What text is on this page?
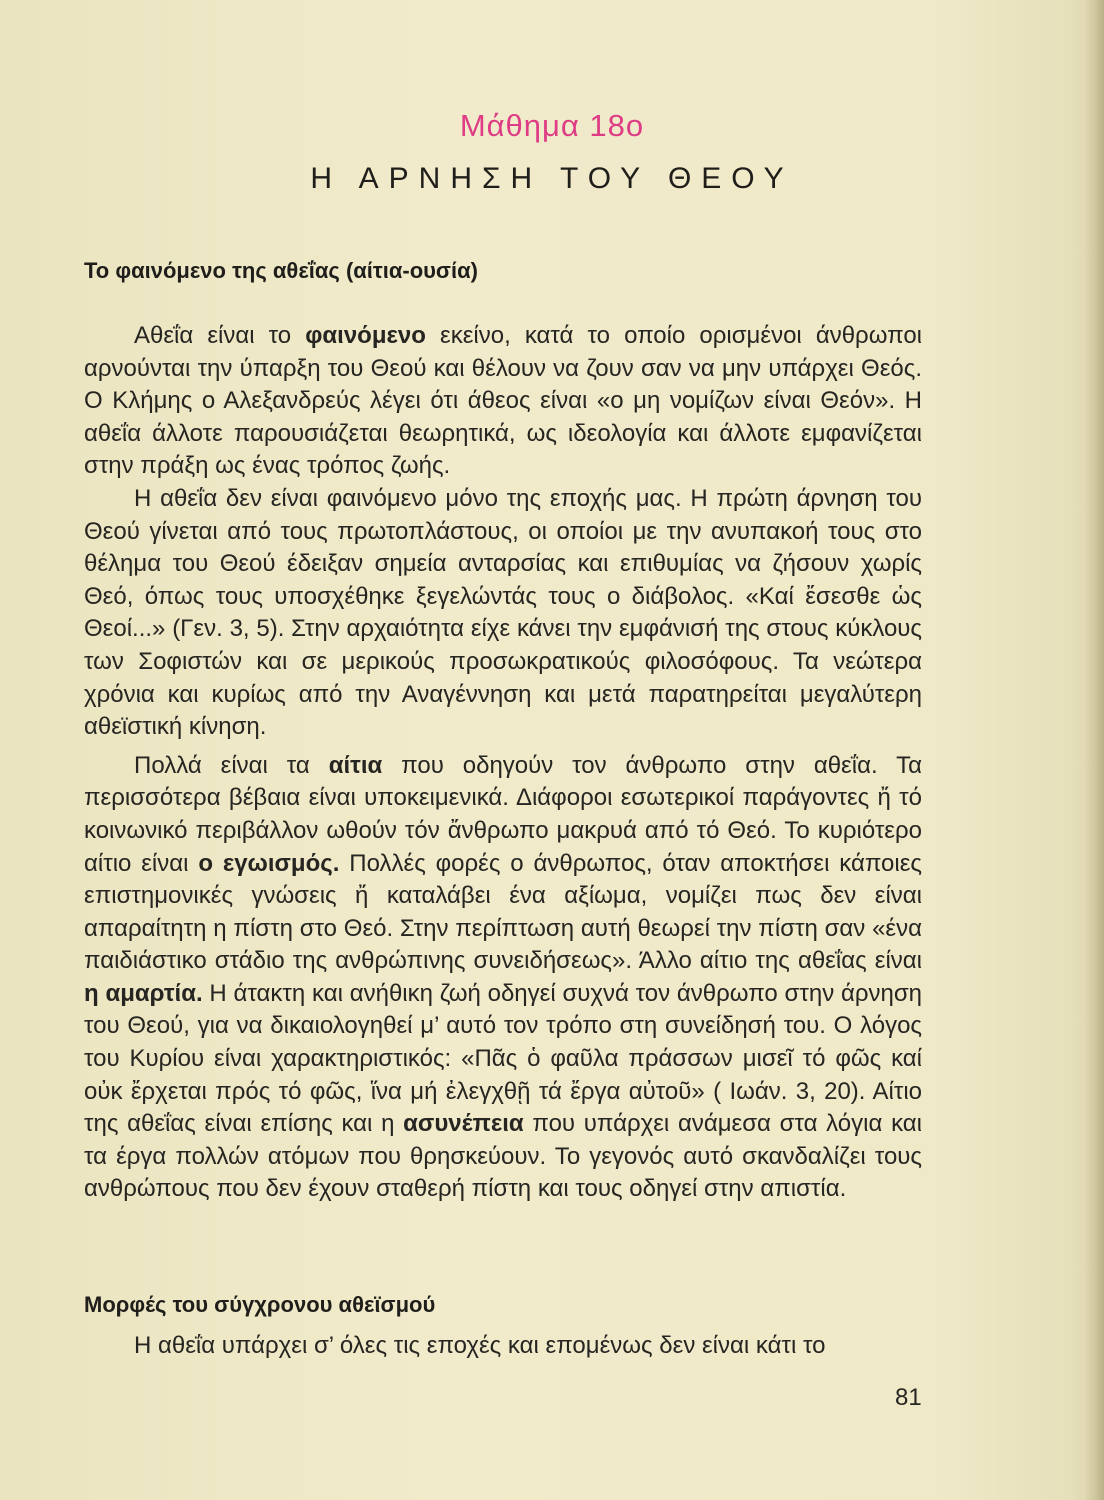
Μάθημα 18ο
Η ΑΡΝΗΣΗ ΤΟΥ ΘΕΟΥ
Το φαινόμενο της αθεΐας (αίτια-ουσία)

Αθεΐα είναι το φαινόμενο εκείνο, κατά το οποίο ορισμένοι άνθρωποι αρνούνται την ύπαρξη του Θεού και θέλουν να ζουν σαν να μην υπάρχει Θεός. Ο Κλήμης ο Αλεξανδρεύς λέγει ότι άθεος είναι «ο μη νομίζων είναι Θεόν». Η αθεΐα άλλοτε παρουσιάζεται θεωρητικά, ως ιδεολογία και άλλοτε εμφανίζεται στην πράξη ως ένας τρόπος ζωής.

Η αθεΐα δεν είναι φαινόμενο μόνο της εποχής μας. Η πρώτη άρνηση του Θεού γίνεται από τους πρωτοπλάστους, οι οποίοι με την ανυπακοή τους στο θέλημα του Θεού έδειξαν σημεία ανταρσίας και επιθυμίας να ζήσουν χωρίς Θεό, όπως τους υποσχέθηκε ξεγελώντάς τους ο διάβολος. «Καί ἔσεσθε ὡς Θεοί...» (Γεν. 3, 5). Στην αρχαιότητα είχε κάνει την εμφάνισή της στους κύκλους των Σοφιστών και σε μερικούς προσωκρατικούς φιλοσόφους. Τα νεώτερα χρόνια και κυρίως από την Αναγέννηση και μετά παρατηρείται μεγαλύτερη αθεϊστική κίνηση.

Πολλά είναι τα αίτια που οδηγούν τον άνθρωπο στην αθεΐα. Τα περισσότερα βέβαια είναι υποκειμενικά. Διάφοροι εσωτερικοί παράγοντες ἤ τό κοινωνικό περιβάλλον ωθούν τόν ἄνθρωπο μακρυά από τό Θεό. Το κυριότερο αίτιο είναι ο εγωισμός. Πολλές φορές ο άνθρωπος, όταν αποκτήσει κάποιες επιστημονικές γνώσεις ἤ καταλάβει ένα αξίωμα, νομίζει πως δεν είναι απαραίτητη η πίστη στο Θεό. Στην περίπτωση αυτή θεωρεί την πίστη σαν «ένα παιδιάστικο στάδιο της ανθρώπινης συνειδήσεως». Άλλο αίτιο της αθεΐας είναι η αμαρτία. Η άτακτη και ανήθικη ζωή οδηγεί συχνά τον άνθρωπο στην άρνηση του Θεού, για να δικαιολογηθεί μ’ αυτό τον τρόπο στη συνείδησή του. Ο λόγος του Κυρίου είναι χαρακτηριστικός: «Πᾶς ὁ φαῦλα πράσσων μισεῖ τό φῶς καί οὐκ ἔρχεται πρός τό φῶς, ἵνα μή ἐλεγχθῇ τά ἔργα αὐτοῦ» ( Ιωάν. 3, 20). Αίτιο της αθεΐας είναι επίσης και η ασυνέπεια που υπάρχει ανάμεσα στα λόγια και τα έργα πολλών ατόμων που θρησκεύουν. Το γεγονός αυτό σκανδαλίζει τους ανθρώπους που δεν έχουν σταθερή πίστη και τους οδηγεί στην απιστία.

Μορφές του σύγχρονου αθεϊσμού
Η αθεΐα υπάρχει σ’ όλες τις εποχές και επομένως δεν είναι κάτι το
81
